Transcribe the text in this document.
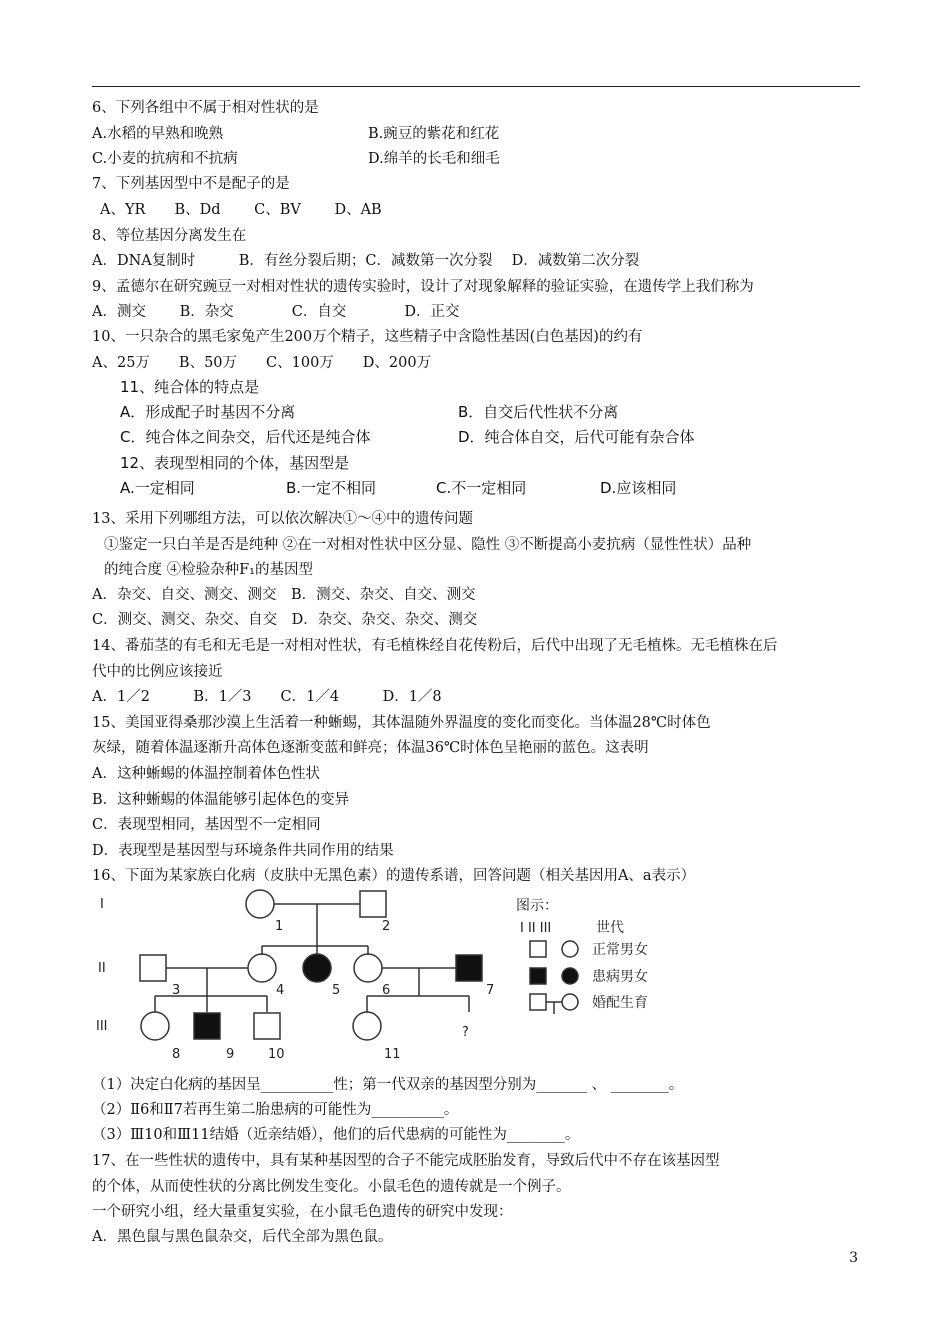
6、下列各组中不属于相对性状的是
A.水稻的早熟和晚熟	B.豌豆的紫花和红花
C.小麦的抗病和不抗病	D.绵羊的长毛和细毛
7、下列基因型中不是配子的是
A、YR　　B、Dd　　 C、BV　　 D、AB
8、等位基因分离发生在
A．DNA复制时　　　B．有丝分裂后期；C．减数第一次分裂　 D．减数第二次分裂
9、孟德尔在研究豌豆一对相对性状的遗传实验时，设计了对现象解释的验证实验，在遗传学上我们称为
A．测交　　 B．杂交　　　　C．自交　　　　D．正交
10、一只杂合的黑毛家兔产生200万个精子，这些精子中含隐性基因(白色基因)的约有
A、25万　　B、50万　　C、100万　　D、200万
11、纯合体的特点是
A．形成配子时基因不分离	B．自交后代性状不分离
C．纯合体之间杂交，后代还是纯合体	D．纯合体自交，后代可能有杂合体
12、表现型相同的个体，基因型是
A.一定相同	B.一定不相同	C.不一定相同	D.应该相同
13、采用下列哪组方法，可以依次解决①～④中的遗传问题
①鉴定一只白羊是否是纯种 ②在一对相对性状中区分显、隐性 ③不断提高小麦抗病（显性性状）品种
的纯合度 ④检验杂种F₁的基因型
A．杂交、自交、测交、测交　B．测交、杂交、自交、测交
C．测交、测交、杂交、自交　D．杂交、杂交、杂交、测交
14、番茄茎的有毛和无毛是一对相对性状，有毛植株经自花传粉后，后代中出现了无毛植株。无毛植株在后
代中的比例应该接近
A．1／2　　　B．1／3　　C．1／4　　　D．1／8
15、美国亚得桑那沙漠上生活着一种蜥蜴，其体温随外界温度的变化而变化。当体温28℃时体色
灰绿，随着体温逐渐升高体色逐渐变蓝和鲜亮；体温36℃时体色呈艳丽的蓝色。这表明
A．这种蜥蜴的体温控制着体色性状
B．这种蜥蜴的体温能够引起体色的变异
C．表现型相同，基因型不一定相同
D．表现型是基因型与环境条件共同作用的结果
16、下面为某家族白化病（皮肤中无黑色素）的遗传系谱，回答问题（相关基因用A、a表示）
I
II
III
1	2
3	4	5	6	7
8	9	10	11
?
图示：
I II III	世代
正常男女
患病男女
婚配生育
（1）决定白化病的基因呈__________性；第一代双亲的基因型分别为_______ 、 ________。
（2）Ⅱ6和Ⅱ7若再生第二胎患病的可能性为__________。
（3）Ⅲ10和Ⅲ11结婚（近亲结婚），他们的后代患病的可能性为________。
17、在一些性状的遗传中，具有某种基因型的合子不能完成胚胎发育，导致后代中不存在该基因型
的个体，从而使性状的分离比例发生变化。小鼠毛色的遗传就是一个例子。
一个研究小组，经大量重复实验，在小鼠毛色遗传的研究中发现：
A．黑色鼠与黑色鼠杂交，后代全部为黑色鼠。
3
